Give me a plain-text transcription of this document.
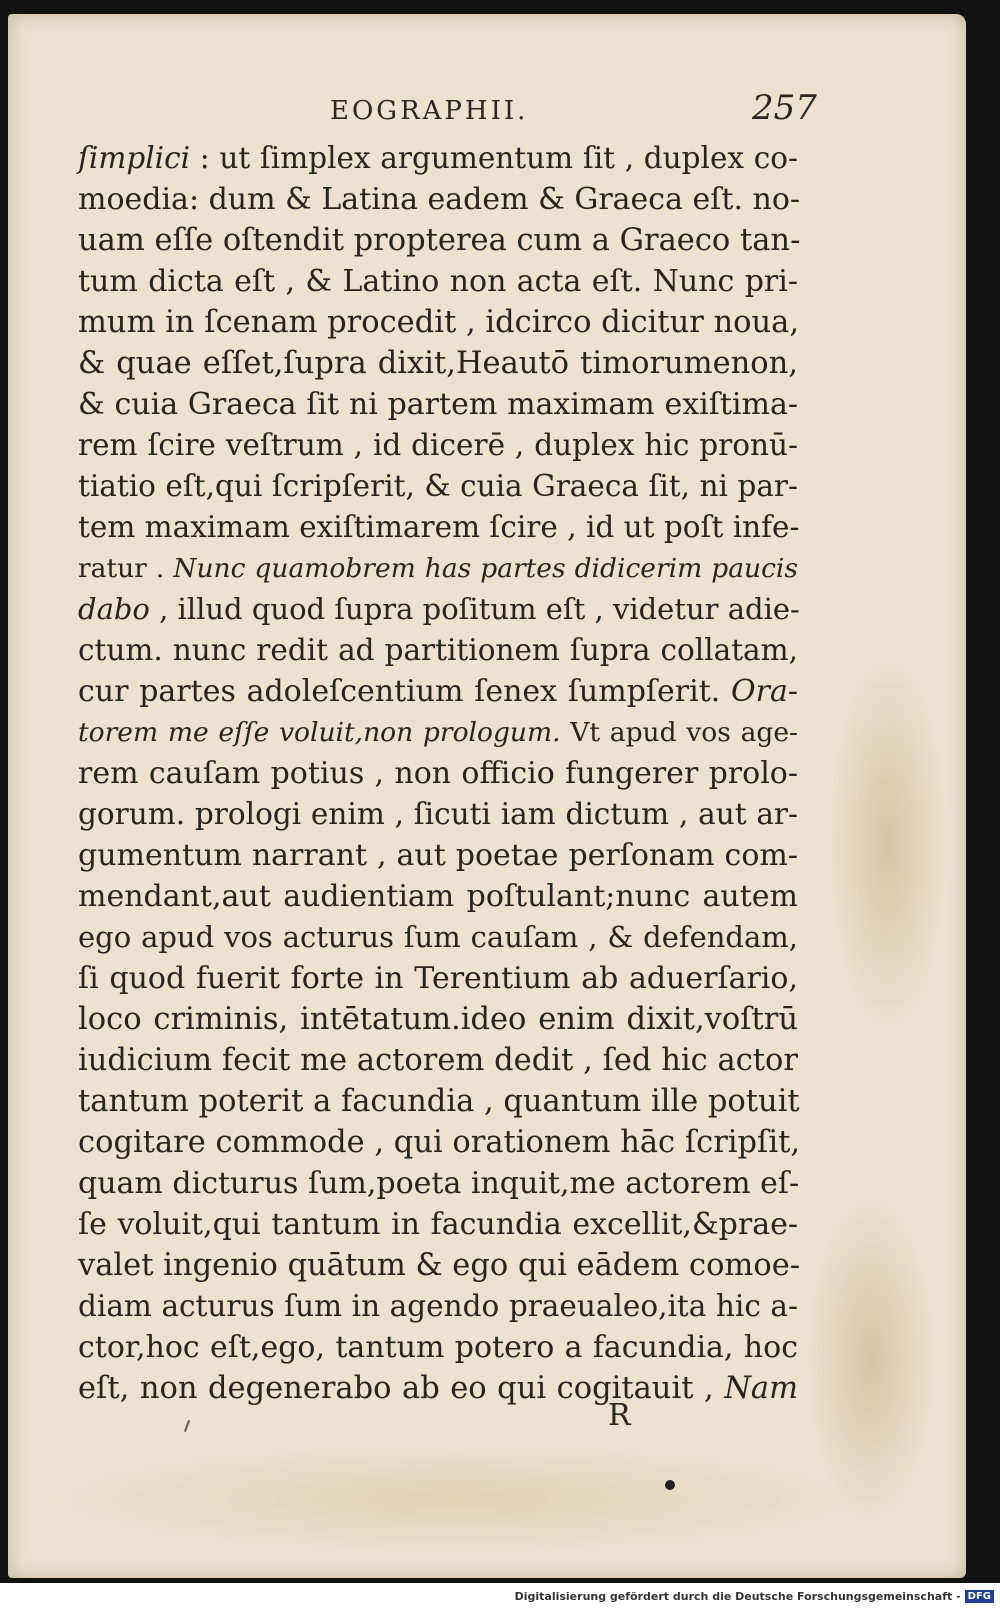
EOGRAPHII.	257
ſimplici : ut ſimplex argumentum ſit , duplex co-
moedia: dum & Latina eadem & Graeca eſt. no-
uam eſſe oſtendit propterea cum a Graeco tan-
tum dicta eſt , & Latino non acta eſt. Nunc pri-
mum in ſcenam procedit , idcirco dicitur noua,
& quae eſſet,ſupra dixit,Heautō timorumenon,
& cuia Graeca ſit ni partem maximam exiſtima-
rem ſcire veſtrum , id dicerē , duplex hic pronū-
tiatio eſt,qui ſcripſerit, & cuia Graeca ſit, ni par-
tem maximam exiſtimarem ſcire , id ut poſt infe-
ratur . Nunc quamobrem has partes didicerim paucis
dabo , illud quod ſupra poſitum eſt , videtur adie-
ctum. nunc redit ad partitionem ſupra collatam,
cur partes adoleſcentium ſenex ſumpſerit. Ora-
torem me eſſe voluit,non prologum. Vt apud vos age-
rem cauſam potius , non officio fungerer prolo-
gorum. prologi enim , ſicuti iam dictum , aut ar-
gumentum narrant , aut poetae perſonam com-
mendant,aut audientiam poſtulant;nunc autem
ego apud vos acturus ſum cauſam , & defendam,
ſi quod fuerit forte in Terentium ab aduerſario,
loco criminis, intētatum.ideo enim dixit,voſtrū
iudicium fecit me actorem dedit , ſed hic actor
tantum poterit a facundia , quantum ille potuit
cogitare commode , qui orationem hāc ſcripſit,
quam dicturus ſum,poeta inquit,me actorem eſ-
ſe voluit,qui tantum in facundia excellit,&prae-
valet ingenio quātum & ego qui eādem comoe-
diam acturus ſum in agendo praeualeo,ita hic a-
ctor,hoc eſt,ego, tantum potero a facundia, hoc
eſt, non degenerabo ab eo qui cogitauit , Nam
R
Digitalisierung gefördert durch die Deutsche Forschungsgemeinschaft - DFG
